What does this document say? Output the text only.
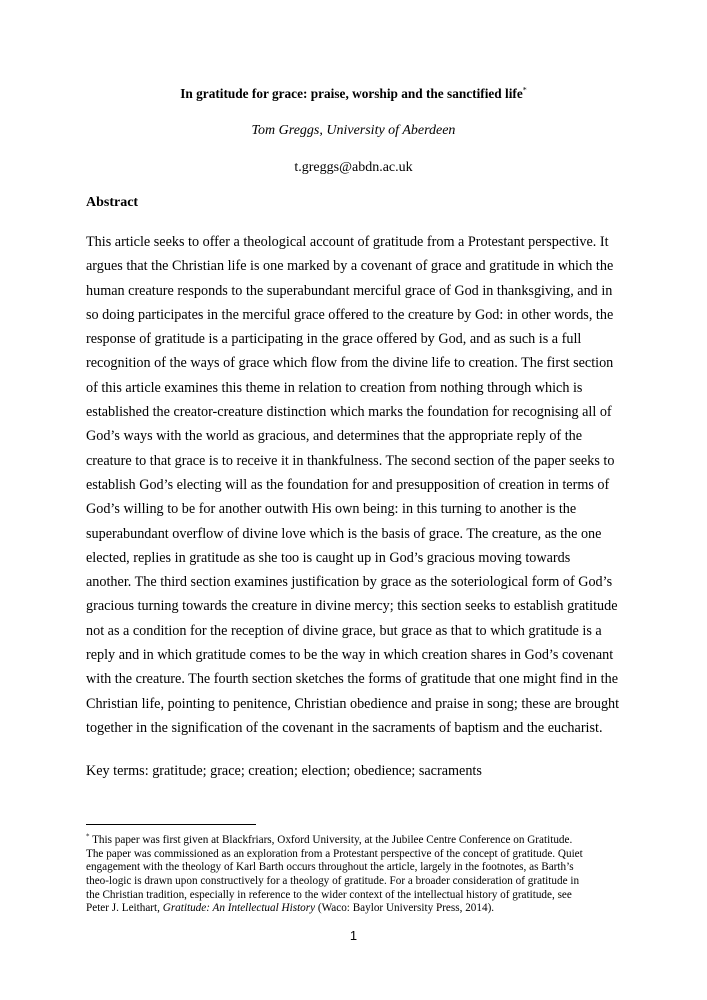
In gratitude for grace: praise, worship and the sanctified life*
Tom Greggs, University of Aberdeen
t.greggs@abdn.ac.uk
Abstract
This article seeks to offer a theological account of gratitude from a Protestant perspective. It
argues that the Christian life is one marked by a covenant of grace and gratitude in which the
human creature responds to the superabundant merciful grace of God in thanksgiving, and in
so doing participates in the merciful grace offered to the creature by God: in other words, the
response of gratitude is a participating in the grace offered by God, and as such is a full
recognition of the ways of grace which flow from the divine life to creation. The first section
of this article examines this theme in relation to creation from nothing through which is
established the creator-creature distinction which marks the foundation for recognising all of
God’s ways with the world as gracious, and determines that the appropriate reply of the
creature to that grace is to receive it in thankfulness. The second section of the paper seeks to
establish God’s electing will as the foundation for and presupposition of creation in terms of
God’s willing to be for another outwith His own being: in this turning to another is the
superabundant overflow of divine love which is the basis of grace. The creature, as the one
elected, replies in gratitude as she too is caught up in God’s gracious moving towards
another. The third section examines justification by grace as the soteriological form of God’s
gracious turning towards the creature in divine mercy; this section seeks to establish gratitude
not as a condition for the reception of divine grace, but grace as that to which gratitude is a
reply and in which gratitude comes to be the way in which creation shares in God’s covenant
with the creature. The fourth section sketches the forms of gratitude that one might find in the
Christian life, pointing to penitence, Christian obedience and praise in song; these are brought
together in the signification of the covenant in the sacraments of baptism and the eucharist.
Key terms: gratitude; grace; creation; election; obedience; sacraments
* This paper was first given at Blackfriars, Oxford University, at the Jubilee Centre Conference on Gratitude.
The paper was commissioned as an exploration from a Protestant perspective of the concept of gratitude. Quiet
engagement with the theology of Karl Barth occurs throughout the article, largely in the footnotes, as Barth’s
theo-logic is drawn upon constructively for a theology of gratitude. For a broader consideration of gratitude in
the Christian tradition, especially in reference to the wider context of the intellectual history of gratitude, see
Peter J. Leithart, Gratitude: An Intellectual History (Waco: Baylor University Press, 2014).
1
